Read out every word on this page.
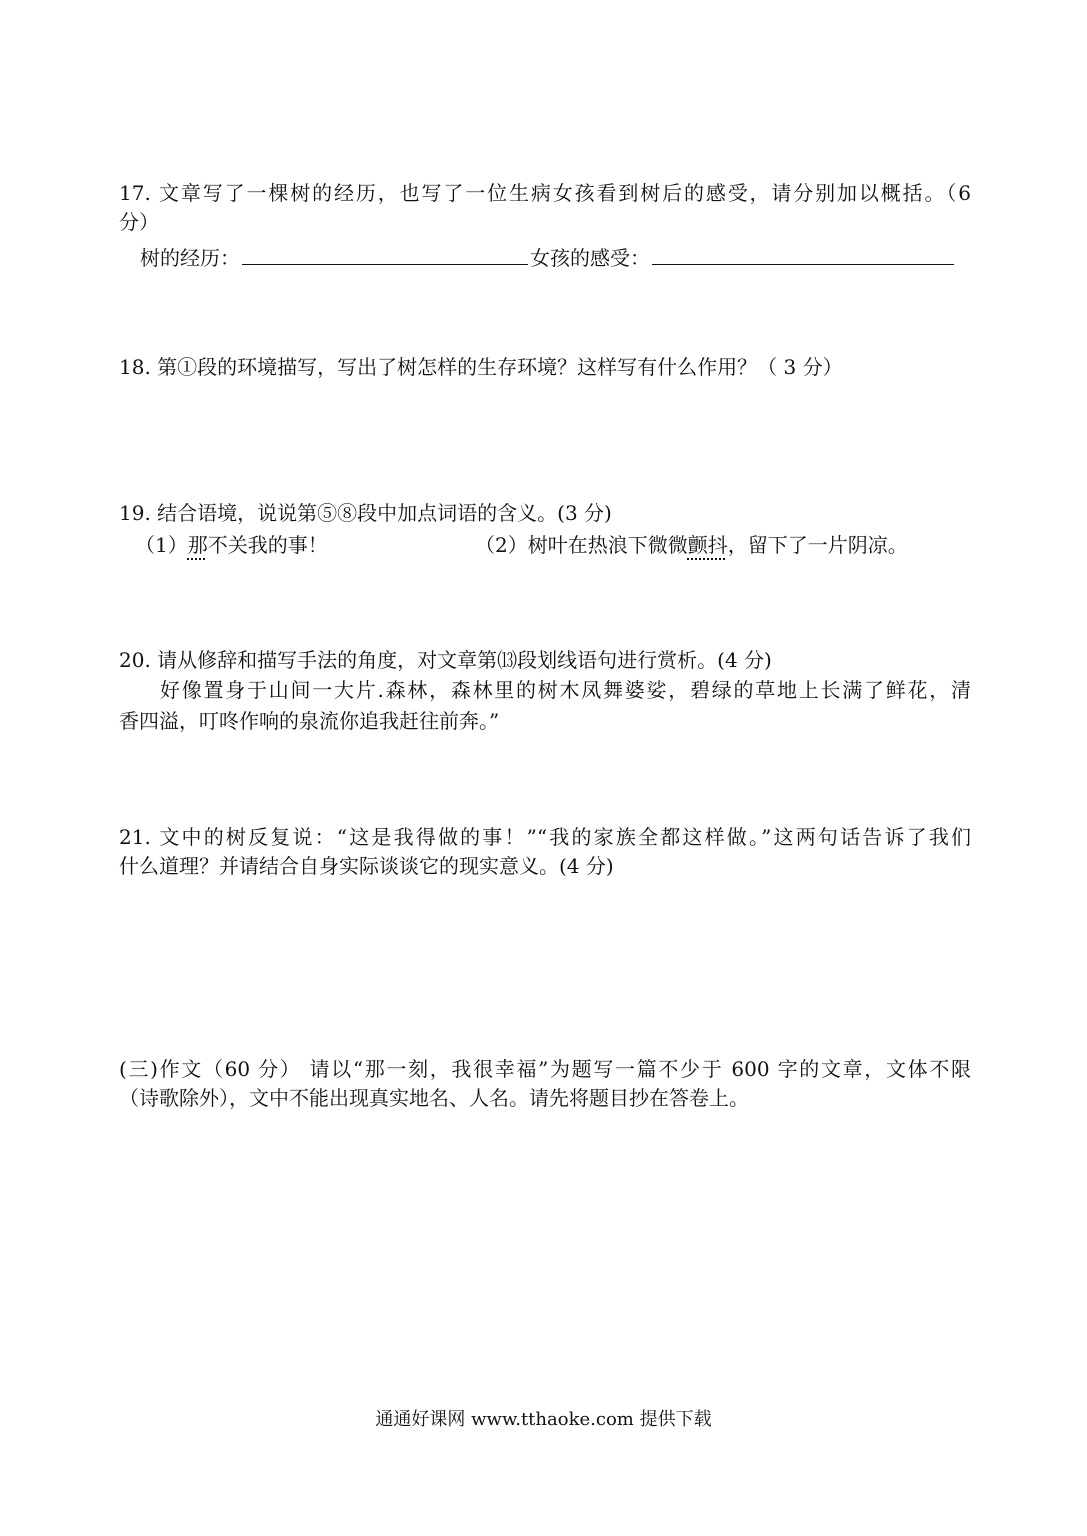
17. 文章写了一棵树的经历，也写了一位生病女孩看到树后的感受，请分别加以概括。（6
分）
树的经历：	女孩的感受：
18. 第①段的环境描写，写出了树怎样的生存环境？这样写有什么作用？（ 3 分）
19. 结合语境，说说第⑤⑧段中加点词语的含义。(3 分)
（1）那不关我的事！	（2）树叶在热浪下微微颤抖，留下了一片阴凉。
20. 请从修辞和描写手法的角度，对文章第⒀段划线语句进行赏析。(4 分)
好像置身于山间一大片.森林，森林里的树木凤舞婆娑，碧绿的草地上长满了鲜花，清
香四溢，叮咚作响的泉流你追我赶往前奔。”
21. 文中的树反复说：“这是我得做的事！”“我的家族全都这样做。”这两句话告诉了我们
什么道理？并请结合自身实际谈谈它的现实意义。(4 分)
(三)作文（60 分） 请以“那一刻，我很幸福”为题写一篇不少于 600 字的文章，文体不限
（诗歌除外），文中不能出现真实地名、人名。请先将题目抄在答卷上。
通通好课网 www.tthaoke.com 提供下载
